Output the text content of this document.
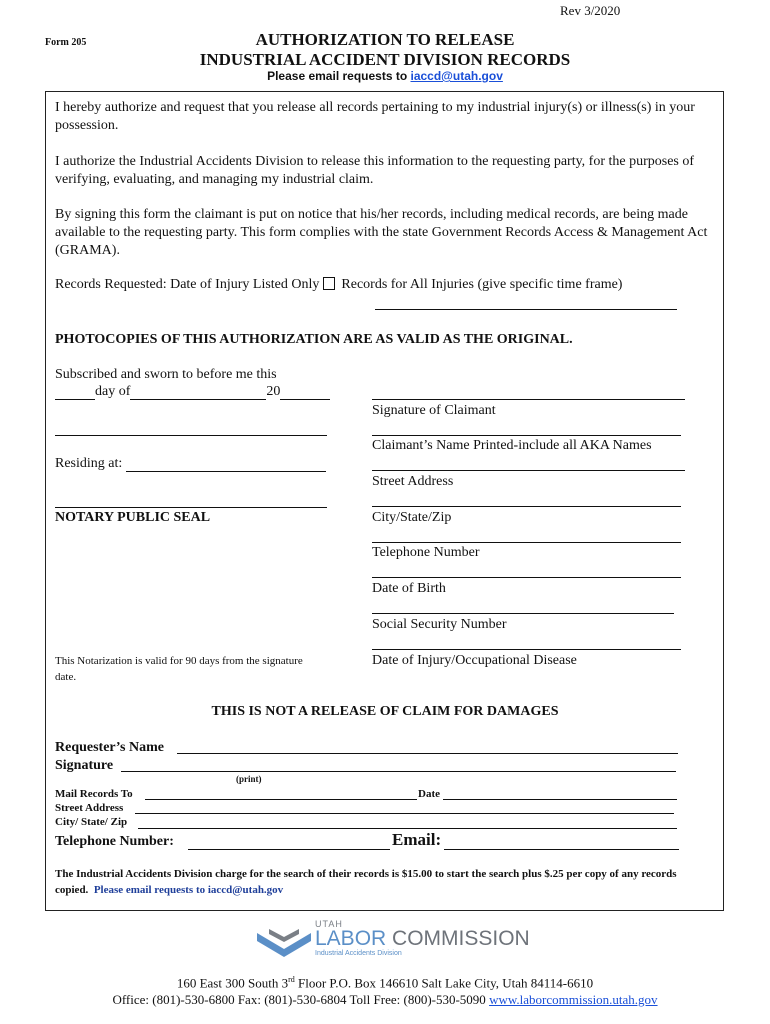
Rev 3/2020
Form 205	AUTHORIZATION TO RELEASE
INDUSTRIAL ACCIDENT DIVISION RECORDS
Please email requests to iaccd@utah.gov

I hereby authorize and request that you release all records pertaining to my industrial injury(s) or illness(s) in your possession.

I authorize the Industrial Accidents Division to release this information to the requesting party, for the purposes of verifying, evaluating, and managing my industrial claim.

By signing this form the claimant is put on notice that his/her records, including medical records, are being made available to the requesting party. This form complies with the state Government Records Access & Management Act (GRAMA).

Records Requested: Date of Injury Listed Only Records for All Injuries (give specific time frame)
PHOTOCOPIES OF THIS AUTHORIZATION ARE AS VALID AS THE ORIGINAL.
Subscribed and sworn to before me this
day of	20
Residing at:
NOTARY PUBLIC SEAL
This Notarization is valid for 90 days from the signature date.
Signature of Claimant
Claimant’s Name Printed-include all AKA Names
Street Address
City/State/Zip
Telephone Number
Date of Birth
Social Security Number
Date of Injury/Occupational Disease
THIS IS NOT A RELEASE OF CLAIM FOR DAMAGES
Requester’s Name
Signature
(print)
Mail Records To	Date
Street Address
City/ State/ Zip
Telephone Number:	Email:
The Industrial Accidents Division charge for the search of their records is $15.00 to start the search plus $.25 per copy of any records copied. Please email requests to iaccd@utah.gov
UTAH
LABOR COMMISSION
Industrial Accidents Division
160 East 300 South 3rd Floor P.O. Box 146610 Salt Lake City, Utah 84114-6610
Office: (801)-530-6800 Fax: (801)-530-6804 Toll Free: (800)-530-5090 www.laborcommission.utah.gov
